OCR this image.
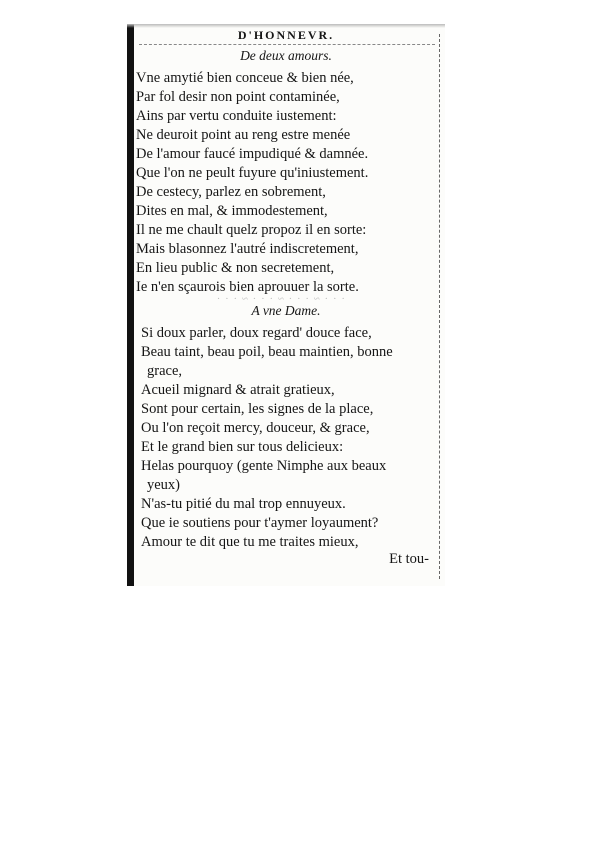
D'HONNEVR.
De deux amours.
Vne amytié bien conceue & bien née,
Par fol desir non point contaminée,
Ains par vertu conduite iustement:
Ne deuroit point au reng estre menée
De l'amour faucé impudiqué & damnée.
Que l'on ne peult fuyure qu'iniustement.
De cestecy, parlez en sobrement,
Dites en mal, & immodestement,
Il ne me chault quelz propoz il en sorte:
Mais blasonnez l'autré indiscretement,
En lieu public & non secretement,
Ie n'en sçaurois bien aprouuer la sorte.
· · · ~ · · · ~ · · · ~ · · ·
A vne Dame.
Si doux parler, doux regard' douce face,
Beau taint, beau poil, beau maintien, bonne
grace,
Acueil mignard & atrait gratieux,
Sont pour certain, les signes de la place,
Ou l'on reçoit mercy, douceur, & grace,
Et le grand bien sur tous delicieux:
Helas pourquoy (gente Nimphe aux beaux
yeux)
N'as-tu pitié du mal trop ennuyeux.
Que ie soutiens pour t'aymer loyaument?
Amour te dit que tu me traites mieux,
Et tou-
